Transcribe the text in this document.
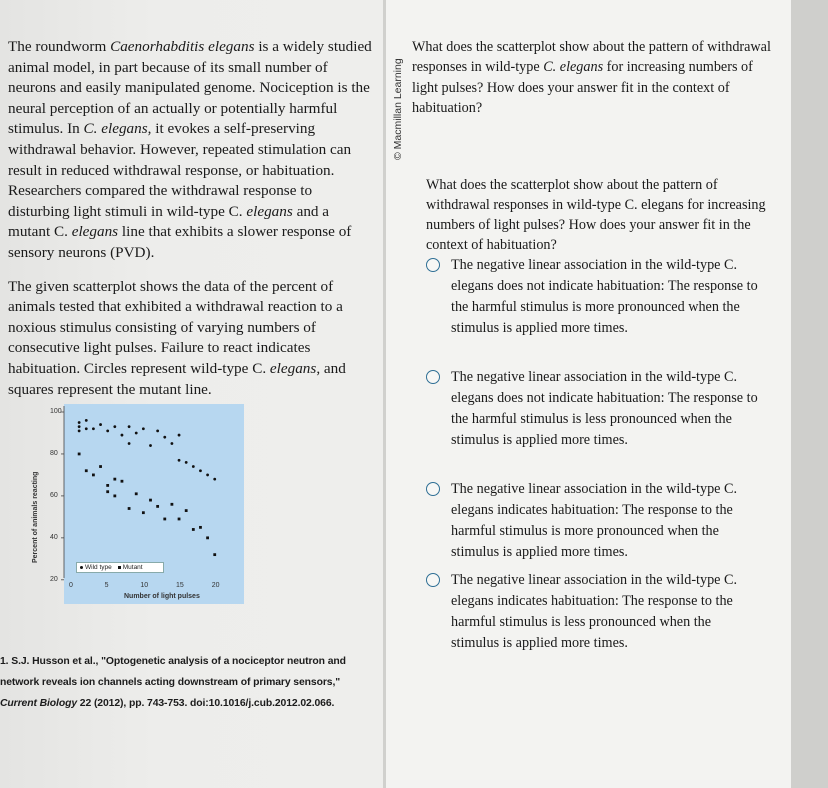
The roundworm Caenorhabditis elegans is a widely studied animal model, in part because of its small number of neurons and easily manipulated genome. Nociception is the neural perception of an actually or potentially harmful stimulus. In C. elegans, it evokes a self-preserving withdrawal behavior. However, repeated stimulation can result in reduced withdrawal response, or habituation. Researchers compared the withdrawal response to disturbing light stimuli in wild-type C. elegans and a mutant C. elegans line that exhibits a slower response of sensory neurons (PVD).

The given scatterplot shows the data of the percent of animals tested that exhibited a withdrawal reaction to a noxious stimulus consisting of varying numbers of consecutive light pulses. Failure to react indicates habituation. Circles represent wild-type C. elegans, and squares represent the mutant line.

Percent of animals reacting
20
40
60
80
100
0	5	10	15	20
Number of light pulses
Wild type Mutant
1. S.J. Husson et al., "Optogenetic analysis of a nociceptor neutron and
network reveals ion channels acting downstream of primary sensors,"
Current Biology 22 (2012), pp. 743-753. doi:10.1016/j.cub.2012.02.066.
What does the scatterplot show about the pattern of withdrawal responses in wild-type C. elegans for increasing numbers of light pulses? How does your answer fit in the context of habituation?
What does the scatterplot show about the pattern of withdrawal responses in wild-type C. elegans for increasing numbers of light pulses? How does your answer fit in the context of habituation?
The negative linear association in the wild-type C. elegans does not indicate habituation: The response to the harmful stimulus is more pronounced when the stimulus is applied more times.
The negative linear association in the wild-type C. elegans does not indicate habituation: The response to the harmful stimulus is less pronounced when the stimulus is applied more times.
The negative linear association in the wild-type C. elegans indicates habituation: The response to the harmful stimulus is more pronounced when the stimulus is applied more times.
The negative linear association in the wild-type C. elegans indicates habituation: The response to the harmful stimulus is less pronounced when the stimulus is applied more times.
